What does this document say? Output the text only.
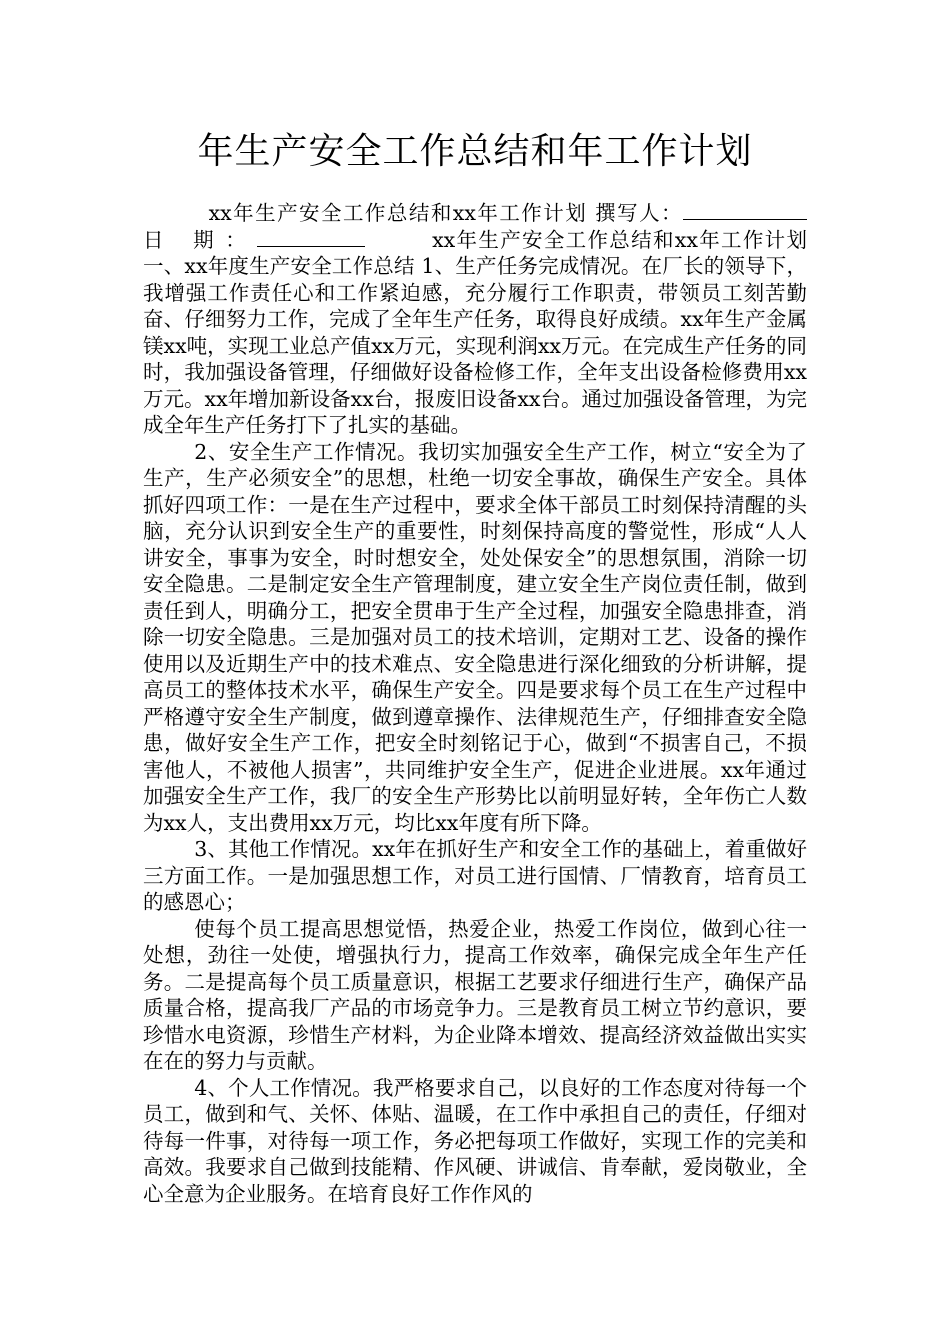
年生产安全工作总结和年工作计划

xx年生产安全工作总结和xx年工作计划 撰写人： 日 期：　　　	xx年生产安全工作总结和xx年工作计划 一、xx年度生产安全工作总结 1、生产任务完成情况。在厂长的领导下，我增强工作责任心和工作紧迫感，充分履行工作职责，带领员工刻苦勤奋、仔细努力工作，完成了全年生产任务，取得良好成绩。xx年生产金属镁xx吨，实现工业总产值xx万元，实现利润xx万元。在完成生产任务的同时，我加强设备管理，仔细做好设备检修工作，全年支出设备检修费用xx万元。xx年增加新设备xx台，报废旧设备xx台。通过加强设备管理，为完成全年生产任务打下了扎实的基础。

2、安全生产工作情况。我切实加强安全生产工作，树立“安全为了生产，生产必须安全”的思想，杜绝一切安全事故，确保生产安全。具体抓好四项工作：一是在生产过程中，要求全体干部员工时刻保持清醒的头脑，充分认识到安全生产的重要性，时刻保持高度的警觉性，形成“人人讲安全，事事为安全，时时想安全，处处保安全”的思想氛围，消除一切安全隐患。二是制定安全生产管理制度，建立安全生产岗位责任制，做到责任到人，明确分工，把安全贯串于生产全过程，加强安全隐患排查，消除一切安全隐患。三是加强对员工的技术培训，定期对工艺、设备的操作使用以及近期生产中的技术难点、安全隐患进行深化细致的分析讲解，提高员工的整体技术水平，确保生产安全。四是要求每个员工在生产过程中严格遵守安全生产制度，做到遵章操作、法律规范生产，仔细排查安全隐患，做好安全生产工作，把安全时刻铭记于心，做到“不损害自己，不损害他人，不被他人损害”，共同维护安全生产，促进企业进展。xx年通过加强安全生产工作，我厂的安全生产形势比以前明显好转，全年伤亡人数为xx人，支出费用xx万元，均比xx年度有所下降。

3、其他工作情况。xx年在抓好生产和安全工作的基础上，着重做好三方面工作。一是加强思想工作，对员工进行国情、厂情教育，培育员工的感恩心；

使每个员工提高思想觉悟，热爱企业，热爱工作岗位，做到心往一处想，劲往一处使，增强执行力，提高工作效率，确保完成全年生产任务。二是提高每个员工质量意识，根据工艺要求仔细进行生产，确保产品质量合格，提高我厂产品的市场竞争力。三是教育员工树立节约意识，要珍惜水电资源，珍惜生产材料，为企业降本增效、提高经济效益做出实实在在的努力与贡献。

4、个人工作情况。我严格要求自己，以良好的工作态度对待每一个员工，做到和气、关怀、体贴、温暖，在工作中承担自己的责任，仔细对待每一件事，对待每一项工作，务必把每项工作做好，实现工作的完美和高效。我要求自己做到技能精、作风硬、讲诚信、肯奉献，爱岗敬业，全心全意为企业服务。在培育良好工作作风的
